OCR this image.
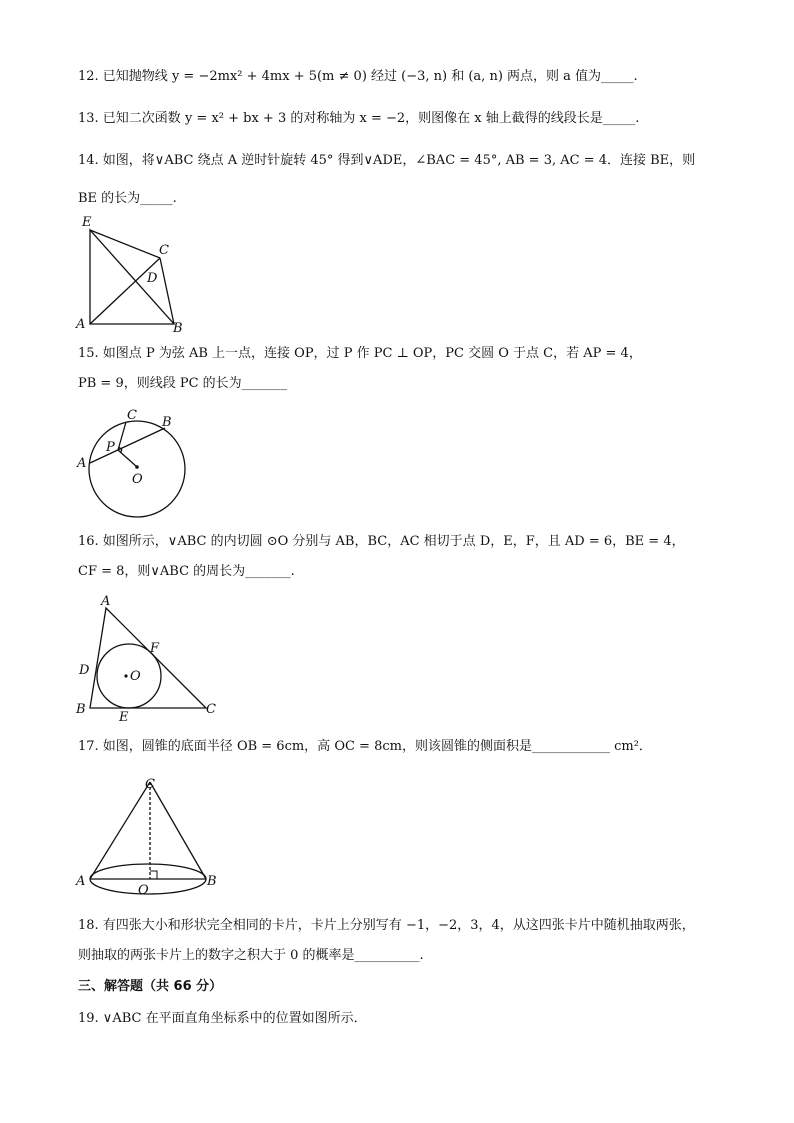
12. 已知抛物线 y = −2mx² + 4mx + 5(m ≠ 0) 经过 (−3, n) 和 (a, n) 两点，则 a 值为_____.
13. 已知二次函数 y = x² + bx + 3 的对称轴为 x = −2，则图像在 x 轴上截得的线段长是_____.
14. 如图，将∨ABC 绕点 A 逆时针旋转 45° 得到∨ADE，∠BAC = 45°, AB = 3, AC = 4．连接 BE，则
BE 的长为_____.
E
C
D
A	B
15. 如图点 P 为弦 AB 上一点，连接 OP，过 P 作 PC ⊥ OP，PC 交圆 O 于点 C，若 AP = 4，
PB = 9，则线段 PC 的长为_______
C B
P
A
O
16. 如图所示，∨ABC 的内切圆 ⊙O 分别与 AB，BC，AC 相切于点 D，E，F，且 AD = 6，BE = 4，
CF = 8，则∨ABC 的周长为_______.
A
F
D	O
B
E
C
17. 如图，圆锥的底面半径 OB = 6cm，高 OC = 8cm，则该圆锥的侧面积是____________ cm²．
C
A
O
B
18. 有四张大小和形状完全相同的卡片，卡片上分别写有 −1，−2，3，4，从这四张卡片中随机抽取两张，
则抽取的两张卡片上的数字之积大于 0 的概率是__________.
三、解答题（共 66 分）
19. ∨ABC 在平面直角坐标系中的位置如图所示．
